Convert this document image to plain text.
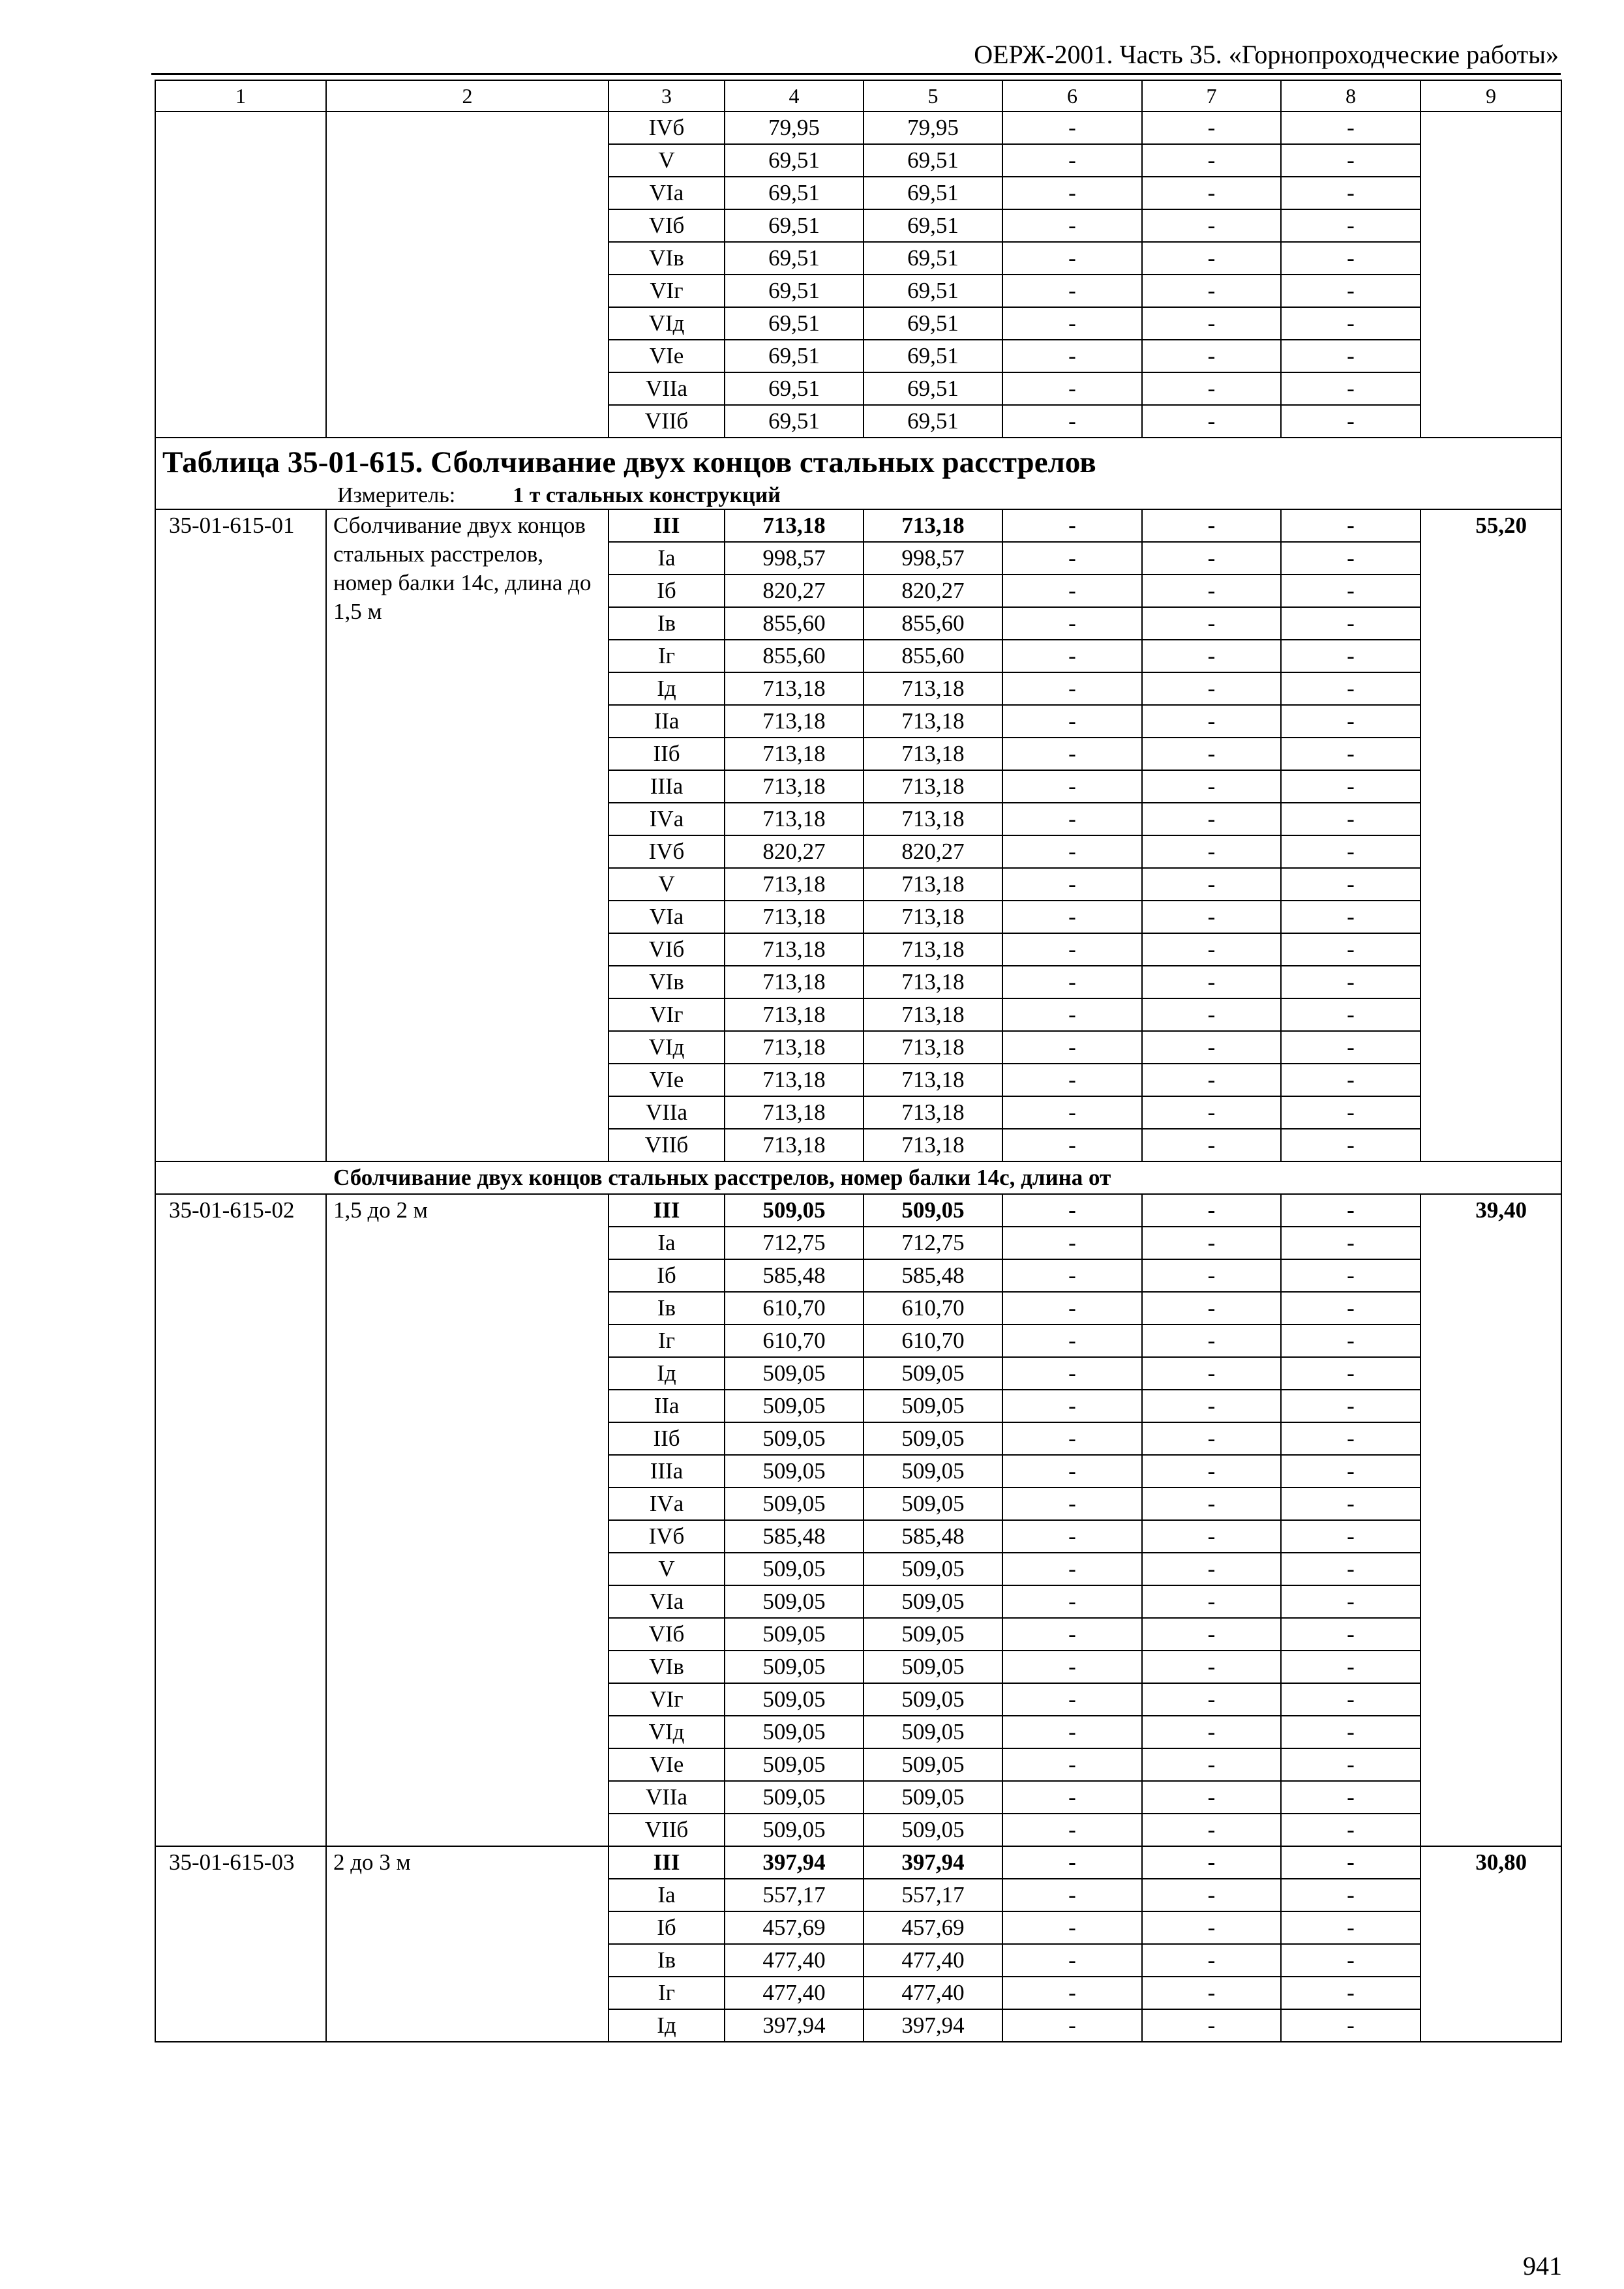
ОЕРЖ-2001. Часть 35. «Горнопроходческие работы»
1	2	3	4	5	6	7	8	9
		IVб	79,95	79,95	-	-	-	
		V	69,51	69,51	-	-	-	
		VIа	69,51	69,51	-	-	-	
		VIб	69,51	69,51	-	-	-	
		VIв	69,51	69,51	-	-	-	
		VIг	69,51	69,51	-	-	-	
		VIд	69,51	69,51	-	-	-	
		VIе	69,51	69,51	-	-	-	
		VIIа	69,51	69,51	-	-	-	
		VIIб	69,51	69,51	-	-	-	

Таблица 35-01-615. Сболчивание двух концов стальных расстрелов
Измеритель: 1 т стальных конструкций								

35-01-615-01	Сболчивание двух концов стальных расстрелов, номер балки 14с, длина до 1,5 м	III	713,18	713,18	-	-	-	55,20
		Iа	998,57	998,57	-	-	-	
		Iб	820,27	820,27	-	-	-	
		Iв	855,60	855,60	-	-	-	
		Iг	855,60	855,60	-	-	-	
		Iд	713,18	713,18	-	-	-	
		IIа	713,18	713,18	-	-	-	
		IIб	713,18	713,18	-	-	-	
		IIIа	713,18	713,18	-	-	-	
		IVа	713,18	713,18	-	-	-	
		IVб	820,27	820,27	-	-	-	
		V	713,18	713,18	-	-	-	
		VIа	713,18	713,18	-	-	-	
		VIб	713,18	713,18	-	-	-	
		VIв	713,18	713,18	-	-	-	
		VIг	713,18	713,18	-	-	-	
		VIд	713,18	713,18	-	-	-	
		VIе	713,18	713,18	-	-	-	
		VIIа	713,18	713,18	-	-	-	
		VIIб	713,18	713,18	-	-	-	
Сболчивание двух концов стальных расстрелов, номер балки 14с, длина от								
35-01-615-02	1,5 до 2 м	III	509,05	509,05	-	-	-	39,40
		Iа	712,75	712,75	-	-	-	
		Iб	585,48	585,48	-	-	-	
		Iв	610,70	610,70	-	-	-	
		Iг	610,70	610,70	-	-	-	
		Iд	509,05	509,05	-	-	-	
		IIа	509,05	509,05	-	-	-	
		IIб	509,05	509,05	-	-	-	
		IIIа	509,05	509,05	-	-	-	
		IVа	509,05	509,05	-	-	-	
		IVб	585,48	585,48	-	-	-	
		V	509,05	509,05	-	-	-	
		VIа	509,05	509,05	-	-	-	
		VIб	509,05	509,05	-	-	-	
		VIв	509,05	509,05	-	-	-	
		VIг	509,05	509,05	-	-	-	
		VIд	509,05	509,05	-	-	-	
		VIе	509,05	509,05	-	-	-	
		VIIа	509,05	509,05	-	-	-	
		VIIб	509,05	509,05	-	-	-	
35-01-615-03	2 до 3 м	III	397,94	397,94	-	-	-	30,80
		Iа	557,17	557,17	-	-	-	
		Iб	457,69	457,69	-	-	-	
		Iв	477,40	477,40	-	-	-	
		Iг	477,40	477,40	-	-	-	
		Iд	397,94	397,94	-	-	-	
941
